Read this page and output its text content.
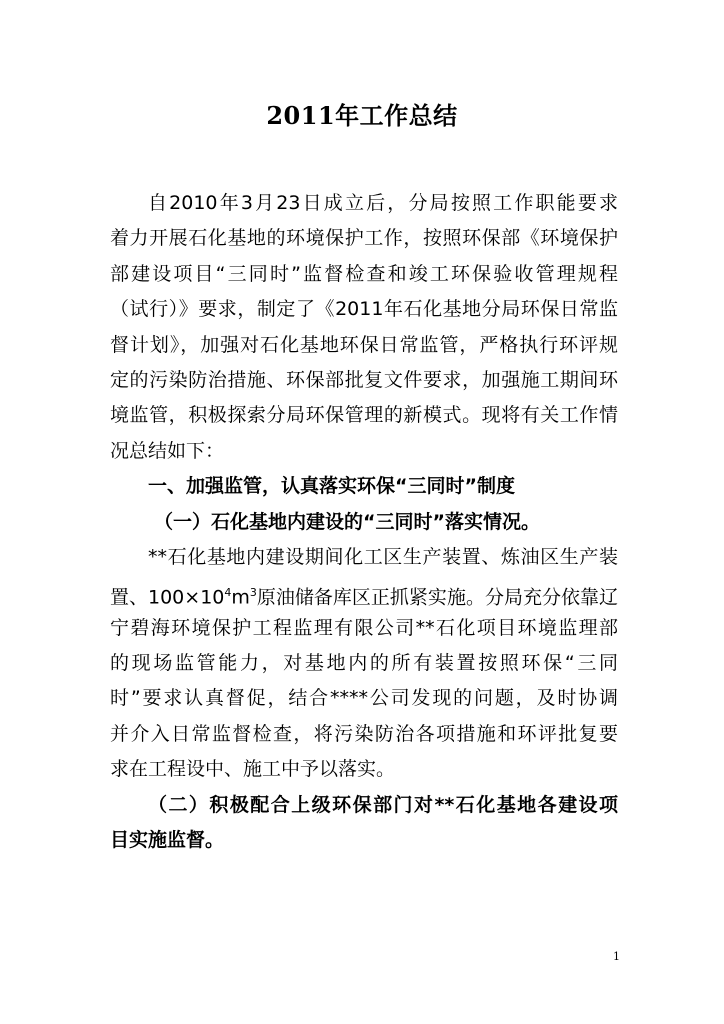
2011年工作总结
自2010年3月23日成立后，分局按照工作职能要求
着力开展石化基地的环境保护工作，按照环保部《环境保护
部建设项目“三同时”监督检查和竣工环保验收管理规程
（试行）》要求，制定了《2011年石化基地分局环保日常监
督计划》，加强对石化基地环保日常监管，严格执行环评规
定的污染防治措施、环保部批复文件要求，加强施工期间环
境监管，积极探索分局环保管理的新模式。现将有关工作情
况总结如下：
一、加强监管，认真落实环保“三同时”制度
（一）石化基地内建设的“三同时”落实情况。
**石化基地内建设期间化工区生产装置、炼油区生产装
置、$100\times 10^4m^3$原油储备库区正抓紧实施。分局充分依靠辽
宁碧海环境保护工程监理有限公司**石化项目环境监理部
的现场监管能力，对基地内的所有装置按照环保“三同
时”要求认真督促，结合****公司发现的问题，及时协调
并介入日常监督检查，将污染防治各项措施和环评批复要
求在工程设中、施工中予以落实。
（二）积极配合上级环保部门对**石化基地各建设项
目实施监督。

1
